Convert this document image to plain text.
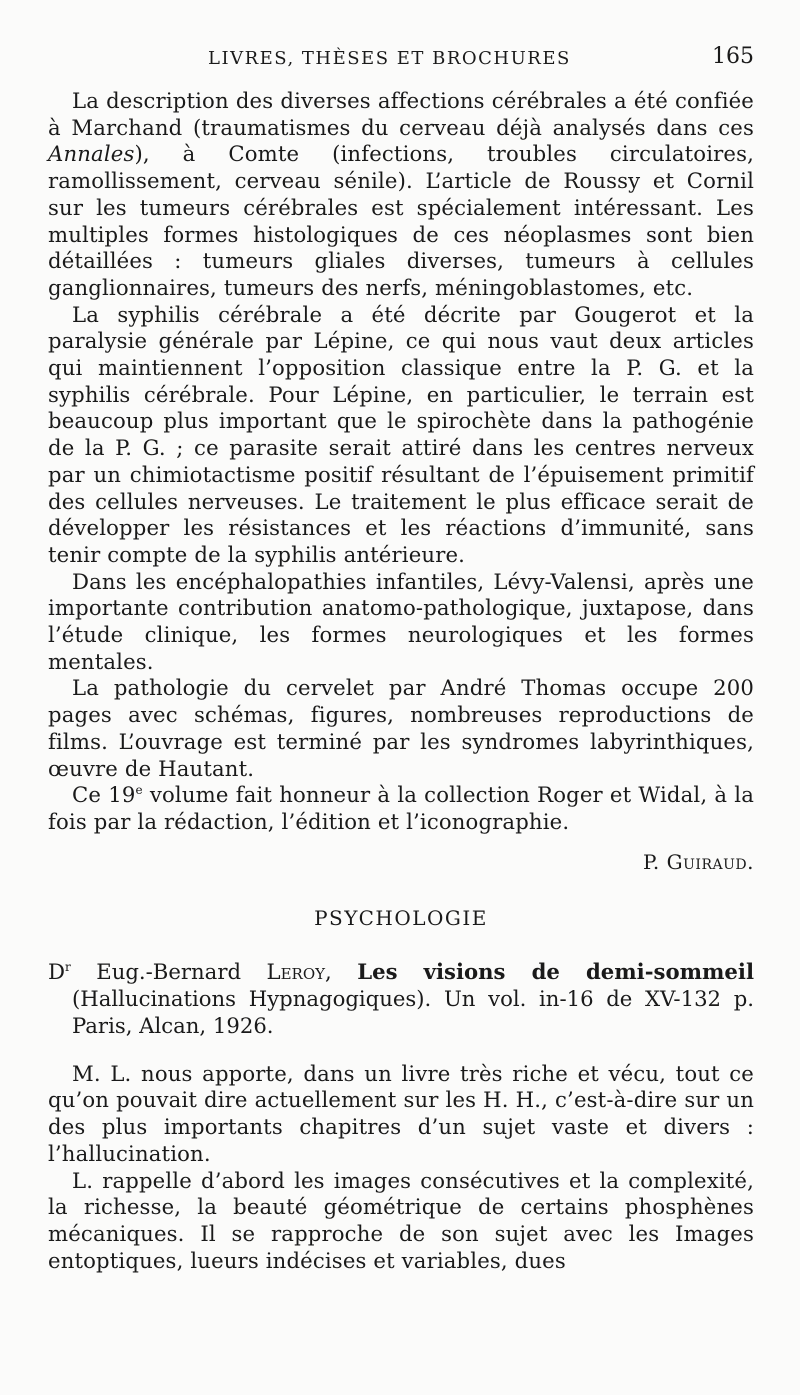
LIVRES, THÈSES ET BROCHURES	165

La description des diverses affections cérébrales a été confiée à Marchand (traumatismes du cerveau déjà analysés dans ces Annales), à Comte (infections, troubles circulatoires, ramollissement, cerveau sénile). L’article de Roussy et Cornil sur les tumeurs cérébrales est spécialement intéressant. Les multiples formes histologiques de ces néoplasmes sont bien détaillées : tumeurs gliales diverses, tumeurs à cellules ganglionnaires, tumeurs des nerfs, méningoblastomes, etc.

La syphilis cérébrale a été décrite par Gougerot et la paralysie générale par Lépine, ce qui nous vaut deux articles qui maintiennent l’opposition classique entre la P. G. et la syphilis cérébrale. Pour Lépine, en particulier, le terrain est beaucoup plus important que le spirochète dans la pathogénie de la P. G. ; ce parasite serait attiré dans les centres nerveux par un chimiotactisme positif résultant de l’épuisement primitif des cellules nerveuses. Le traitement le plus efficace serait de développer les résistances et les réactions d’immunité, sans tenir compte de la syphilis antérieure.

Dans les encéphalopathies infantiles, Lévy-Valensi, après une importante contribution anatomo-pathologique, juxtapose, dans l’étude clinique, les formes neurologiques et les formes mentales.

La pathologie du cervelet par André Thomas occupe 200 pages avec schémas, figures, nombreuses reproductions de films. L’ouvrage est terminé par les syndromes labyrinthiques, œuvre de Hautant.

Ce 19e volume fait honneur à la collection Roger et Widal, à la fois par la rédaction, l’édition et l’iconographie.

P. Guiraud.
PSYCHOLOGIE
$D^r$ Eug.-Bernard Leroy, Les visions de demi-sommeil (Hallucinations Hypnagogiques). Un vol. in-16 de XV-132 p. Paris, Alcan, 1926.

M. L. nous apporte, dans un livre très riche et vécu, tout ce qu’on pouvait dire actuellement sur les H. H., c’est-à-dire sur un des plus importants chapitres d’un sujet vaste et divers : l’hallucination.

L. rappelle d’abord les images consécutives et la complexité, la richesse, la beauté géométrique de certains phosphènes mécaniques. Il se rapproche de son sujet avec les Images entoptiques, lueurs indécises et variables, dues
